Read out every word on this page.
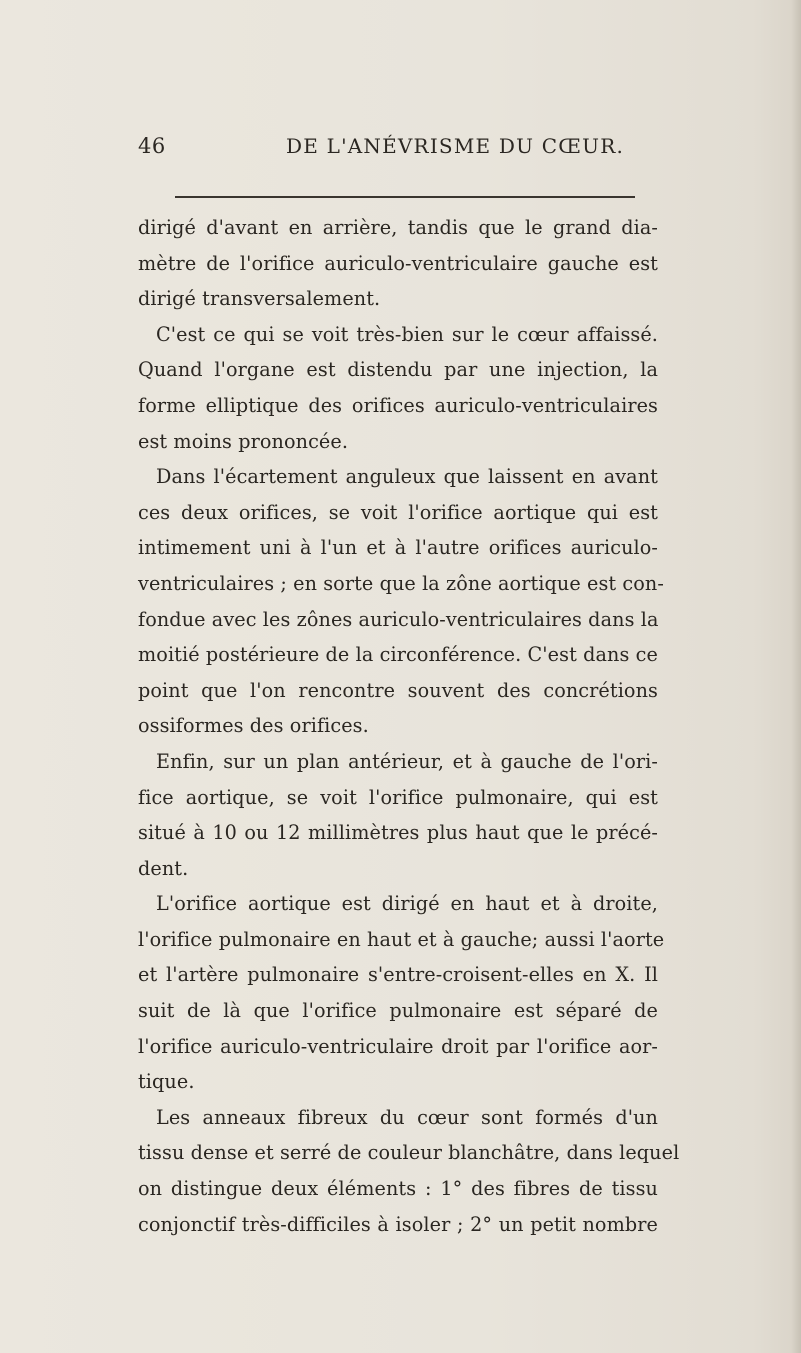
46	DE L'ANÉVRISME DU CŒUR.
dirigé d'avant en arrière, tandis que le grand dia-
mètre de l'orifice auriculo-ventriculaire gauche est
dirigé transversalement.
C'est ce qui se voit très-bien sur le cœur affaissé.
Quand l'organe est distendu par une injection, la
forme elliptique des orifices auriculo-ventriculaires
est moins prononcée.
Dans l'écartement anguleux que laissent en avant
ces deux orifices, se voit l'orifice aortique qui est
intimement uni à l'un et à l'autre orifices auriculo-
ventriculaires ; en sorte que la zône aortique est con-
fondue avec les zônes auriculo-ventriculaires dans la
moitié postérieure de la circonférence. C'est dans ce
point que l'on rencontre souvent des concrétions
ossiformes des orifices.
Enfin, sur un plan antérieur, et à gauche de l'ori-
fice aortique, se voit l'orifice pulmonaire, qui est
situé à 10 ou 12 millimètres plus haut que le précé-
dent.
L'orifice aortique est dirigé en haut et à droite,
l'orifice pulmonaire en haut et à gauche; aussi l'aorte
et l'artère pulmonaire s'entre-croisent-elles en X. Il
suit de là que l'orifice pulmonaire est séparé de
l'orifice auriculo-ventriculaire droit par l'orifice aor-
tique.
Les anneaux fibreux du cœur sont formés d'un
tissu dense et serré de couleur blanchâtre, dans lequel
on distingue deux éléments : 1° des fibres de tissu
conjonctif très-difficiles à isoler ; 2° un petit nombre
